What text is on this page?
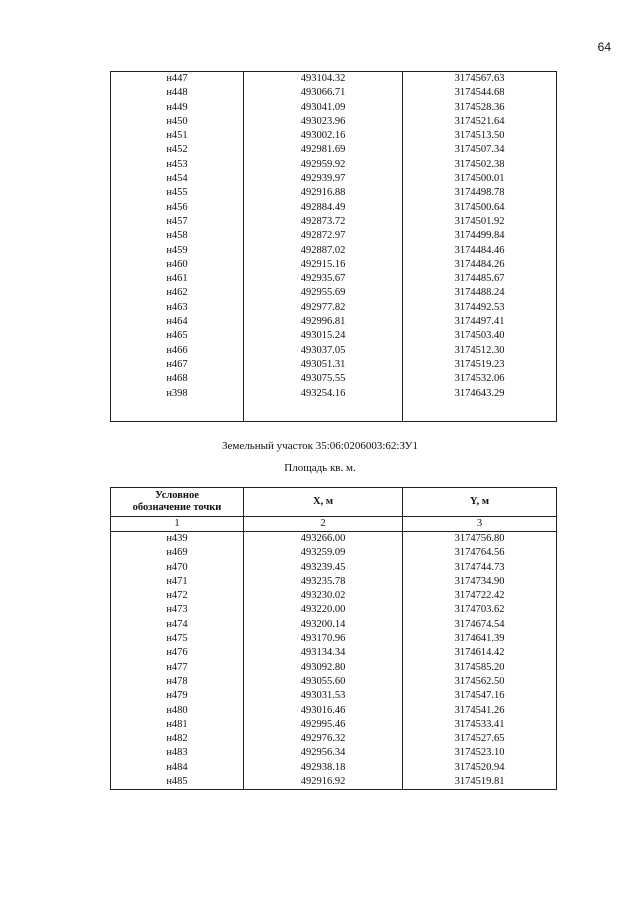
64
н447	493104.32	3174567.63
н448	493066.71	3174544.68
н449	493041.09	3174528.36
н450	493023.96	3174521.64
н451	493002.16	3174513.50
н452	492981.69	3174507.34
н453	492959.92	3174502.38
н454	492939.97	3174500.01
н455	492916.88	3174498.78
н456	492884.49	3174500.64
н457	492873.72	3174501.92
н458	492872.97	3174499.84
н459	492887.02	3174484.46
н460	492915.16	3174484.26
н461	492935.67	3174485.67
н462	492955.69	3174488.24
н463	492977.82	3174492.53
н464	492996.81	3174497.41
н465	493015.24	3174503.40
н466	493037.05	3174512.30
н467	493051.31	3174519.23
н468	493075.55	3174532.06
н398	493254.16	3174643.29

Земельный участок 35:06:0206003:62:ЗУ1
Площадь кв. м.
Условное обозначение точки	X, м	Y, м
1	2	3
н439	493266.00	3174756.80
н469	493259.09	3174764.56
н470	493239.45	3174744.73
н471	493235.78	3174734.90
н472	493230.02	3174722.42
н473	493220.00	3174703.62
н474	493200.14	3174674.54
н475	493170.96	3174641.39
н476	493134.34	3174614.42
н477	493092.80	3174585.20
н478	493055.60	3174562.50
н479	493031.53	3174547.16
н480	493016.46	3174541.26
н481	492995.46	3174533.41
н482	492976.32	3174527.65
н483	492956.34	3174523.10
н484	492938.18	3174520.94
н485	492916.92	3174519.81
